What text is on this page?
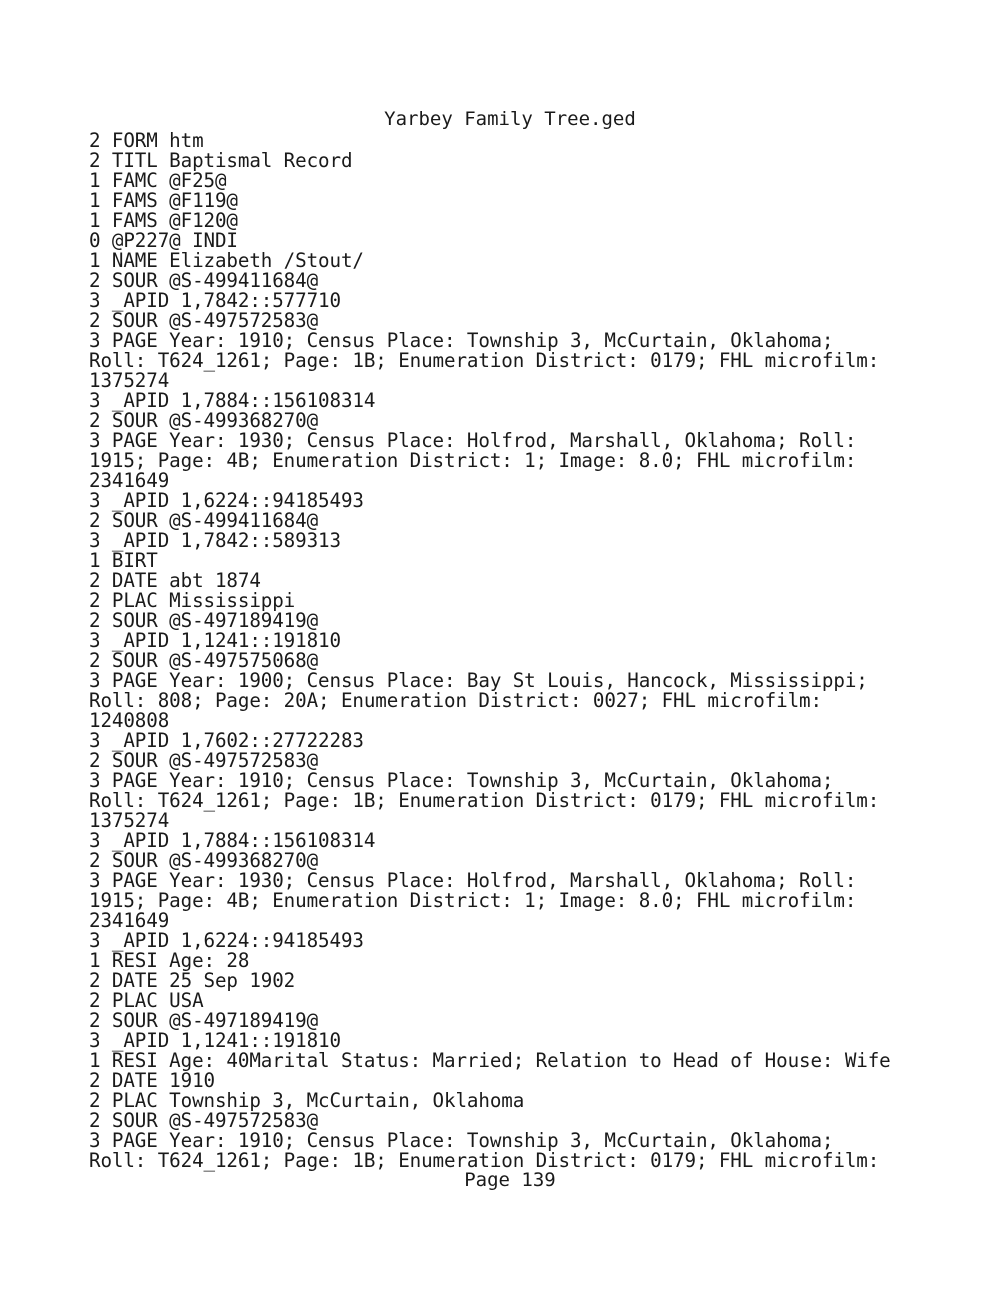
Yarbey Family Tree.ged
2 FORM htm
2 TITL Baptismal Record
1 FAMC @F25@
1 FAMS @F119@
1 FAMS @F120@
0 @P227@ INDI
1 NAME Elizabeth /Stout/
2 SOUR @S-499411684@
3 _APID 1,7842::577710
2 SOUR @S-497572583@
3 PAGE Year: 1910; Census Place: Township 3, McCurtain, Oklahoma;
Roll: T624_1261; Page: 1B; Enumeration District: 0179; FHL microfilm:
1375274
3 _APID 1,7884::156108314
2 SOUR @S-499368270@
3 PAGE Year: 1930; Census Place: Holfrod, Marshall, Oklahoma; Roll:
1915; Page: 4B; Enumeration District: 1; Image: 8.0; FHL microfilm:
2341649
3 _APID 1,6224::94185493
2 SOUR @S-499411684@
3 _APID 1,7842::589313
1 BIRT
2 DATE abt 1874
2 PLAC Mississippi
2 SOUR @S-497189419@
3 _APID 1,1241::191810
2 SOUR @S-497575068@
3 PAGE Year: 1900; Census Place: Bay St Louis, Hancock, Mississippi;
Roll: 808; Page: 20A; Enumeration District: 0027; FHL microfilm:
1240808
3 _APID 1,7602::27722283
2 SOUR @S-497572583@
3 PAGE Year: 1910; Census Place: Township 3, McCurtain, Oklahoma;
Roll: T624_1261; Page: 1B; Enumeration District: 0179; FHL microfilm:
1375274
3 _APID 1,7884::156108314
2 SOUR @S-499368270@
3 PAGE Year: 1930; Census Place: Holfrod, Marshall, Oklahoma; Roll:
1915; Page: 4B; Enumeration District: 1; Image: 8.0; FHL microfilm:
2341649
3 _APID 1,6224::94185493
1 RESI Age: 28
2 DATE 25 Sep 1902
2 PLAC USA
2 SOUR @S-497189419@
3 _APID 1,1241::191810
1 RESI Age: 40Marital Status: Married; Relation to Head of House: Wife
2 DATE 1910
2 PLAC Township 3, McCurtain, Oklahoma
2 SOUR @S-497572583@
3 PAGE Year: 1910; Census Place: Township 3, McCurtain, Oklahoma;
Roll: T624_1261; Page: 1B; Enumeration District: 0179; FHL microfilm:
Page 139
